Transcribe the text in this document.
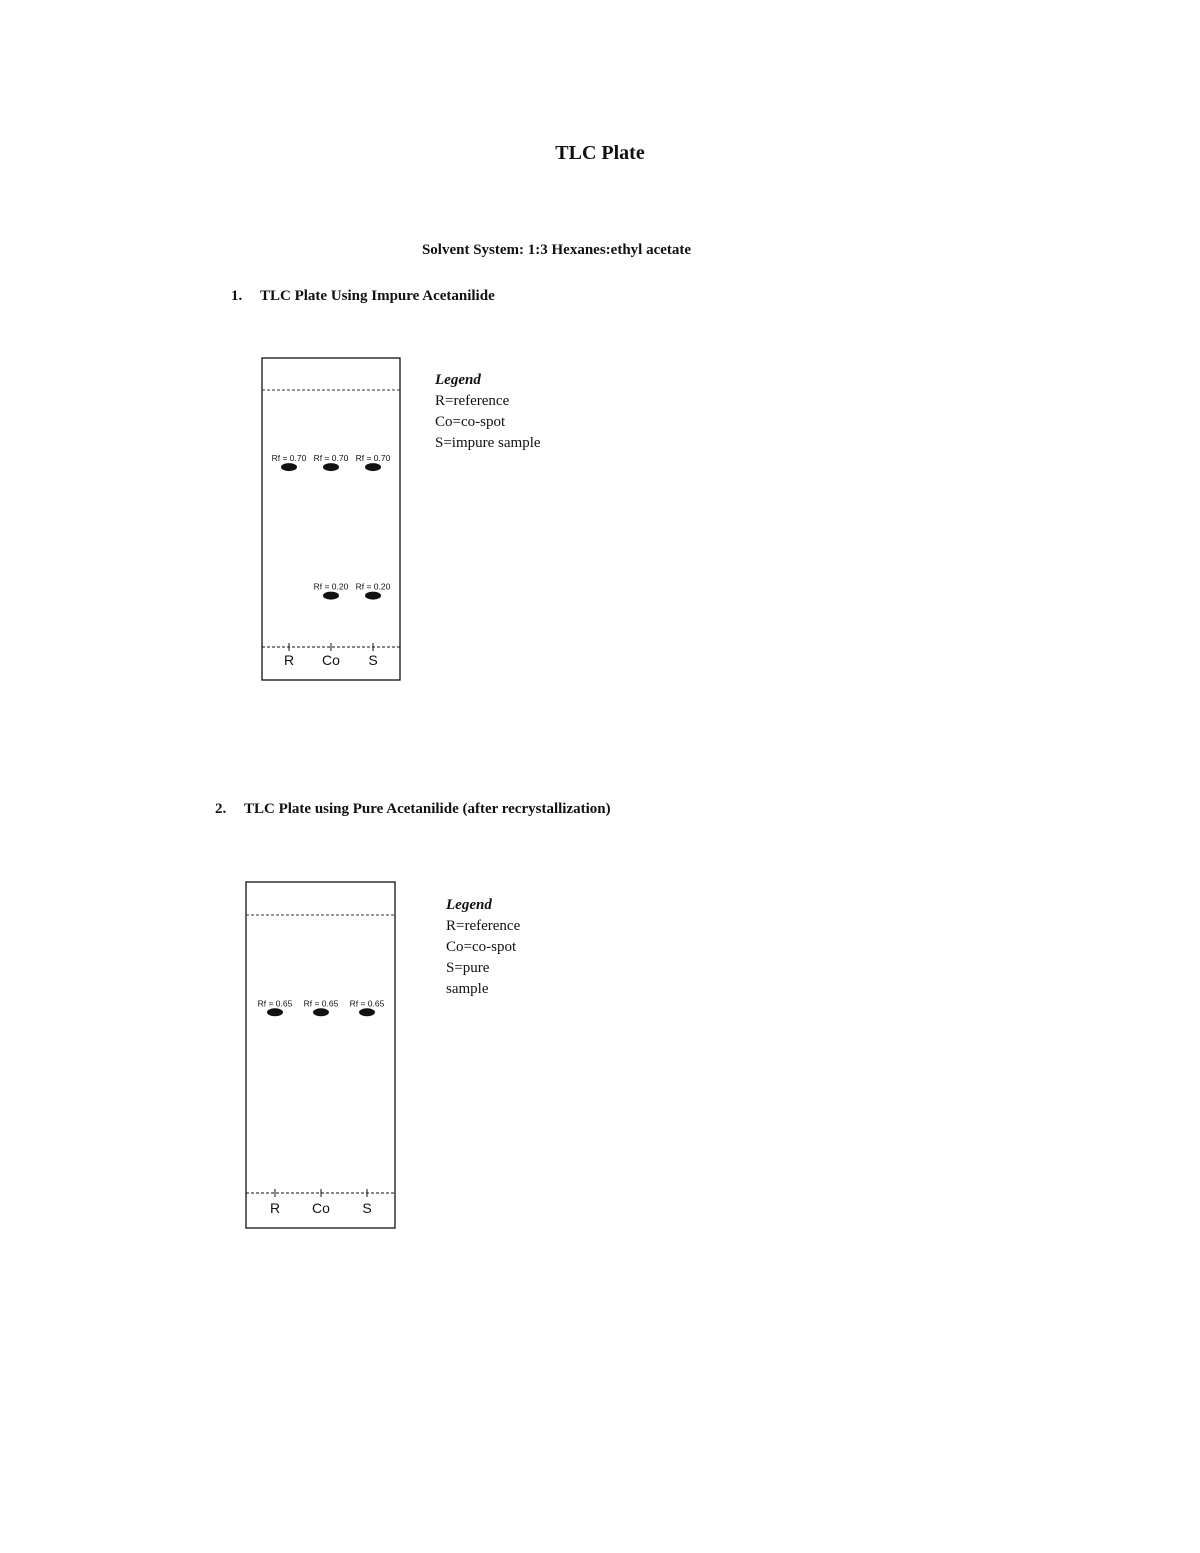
TLC Plate
Solvent System: 1:3 Hexanes:ethyl acetate
1. TLC Plate Using Impure Acetanilide
Legend
R=reference
Co=co-spot
S=impure sample
2. TLC Plate using Pure Acetanilide (after recrystallization)
Legend
R=reference
Co=co-spot
S=pure sample
R Co S
Rf = 0.70 Rf = 0.70 Rf = 0.70
Rf = 0.20 Rf = 0.20
R Co S
Rf = 0.65 Rf = 0.65 Rf = 0.65
